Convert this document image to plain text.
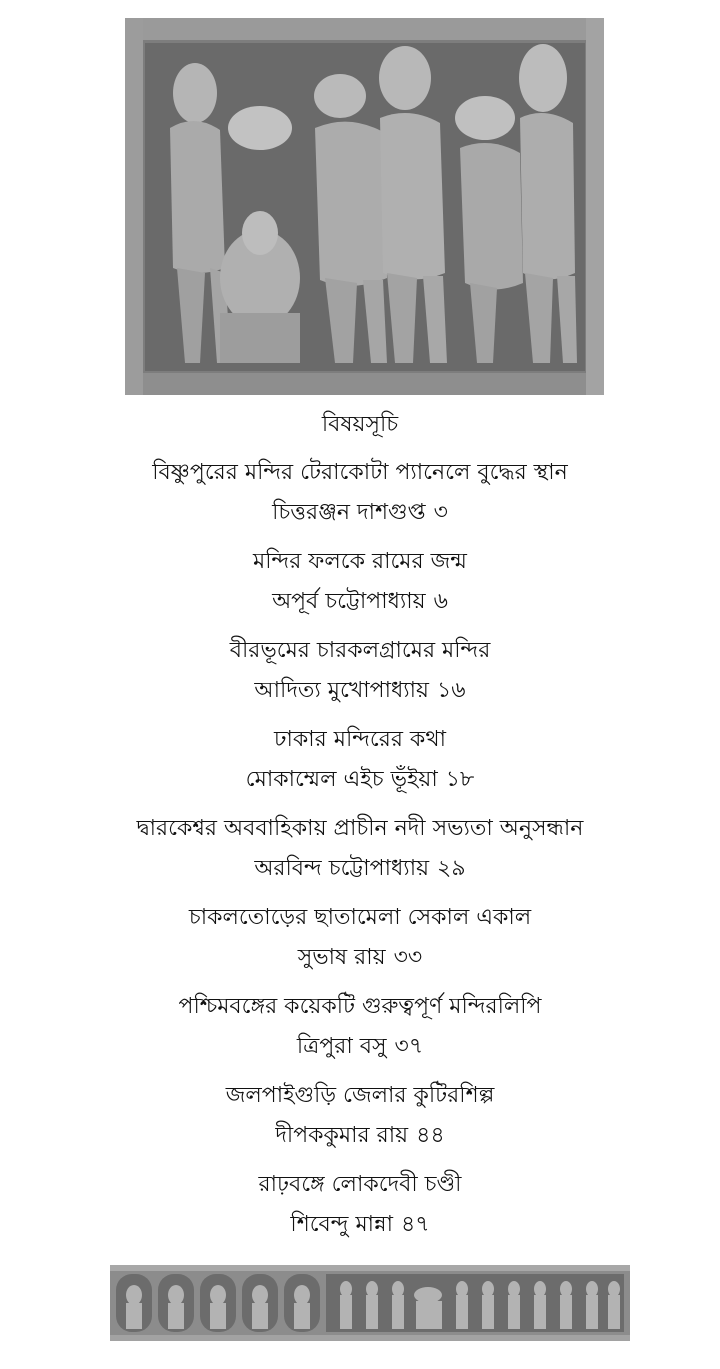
বিষয়সূচি
বিষ্ণুপুরের মন্দির টেরাকোটা প্যানেলে বুদ্ধের স্থান
চিত্তরঞ্জন দাশগুপ্ত ৩
মন্দির ফলকে রামের জন্ম
অপূর্ব চট্টোপাধ্যায় ৬
বীরভূমের চারকলগ্রামের মন্দির
আদিত্য মুখোপাধ্যায় ১৬
ঢাকার মন্দিরের কথা
মোকাম্মেল এইচ ভূঁইয়া ১৮
দ্বারকেশ্বর অববাহিকায় প্রাচীন নদী সভ্যতা অনুসন্ধান
অরবিন্দ চট্টোপাধ্যায় ২৯
চাকলতোড়ের ছাতামেলা সেকাল একাল
সুভাষ রায় ৩৩
পশ্চিমবঙ্গের কয়েকটি গুরুত্বপূর্ণ মন্দিরলিপি
ত্রিপুরা বসু ৩৭
জলপাইগুড়ি জেলার কুটিরশিল্প
দীপককুমার রায় ৪৪
রাঢ়বঙ্গে লোকদেবী চণ্ডী
শিবেন্দু মান্না ৪৭
